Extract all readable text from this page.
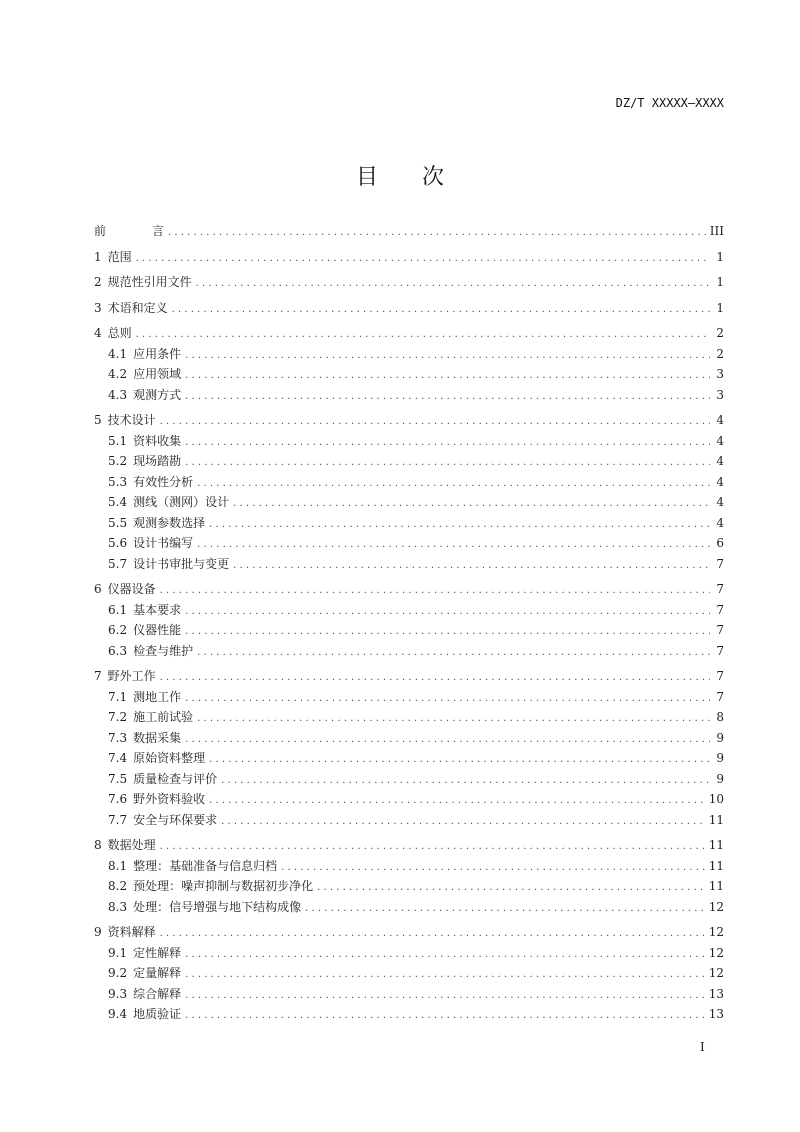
DZ/T XXXXX—XXXX
目 次
前	言 .....	III
1 范围 .....	1
2 规范性引用文件 .....	1
3 术语和定义 .....	1
4 总则 .....	2
4.1 应用条件 .....	2
4.2 应用领域 .....	3
4.3 观测方式 .....	3
5 技术设计 .....	4
5.1 资料收集 .....	4
5.2 现场踏勘 .....	4
5.3 有效性分析 .....	4
5.4 测线（测网）设计 .....	4
5.5 观测参数选择 .....	4
5.6 设计书编写 .....	6
5.7 设计书审批与变更 .....	7
6 仪器设备 .....	7
6.1 基本要求 .....	7
6.2 仪器性能 .....	7
6.3 检查与维护 .....	7
7 野外工作 .....	7
7.1 测地工作 .....	7
7.2 施工前试验 .....	8
7.3 数据采集 .....	9
7.4 原始资料整理 .....	9
7.5 质量检查与评价 .....	9
7.6 野外资料验收 .....	10
7.7 安全与环保要求 .....	11
8 数据处理 .....	11
8.1 整理：基础准备与信息归档 .....	11
8.2 预处理：噪声抑制与数据初步净化 .....	11
8.3 处理：信号增强与地下结构成像 .....	12
9 资料解释 .....	12
9.1 定性解释 .....	12
9.2 定量解释 .....	12
9.3 综合解释 .....	13
9.4 地质验证 .....	13
I
